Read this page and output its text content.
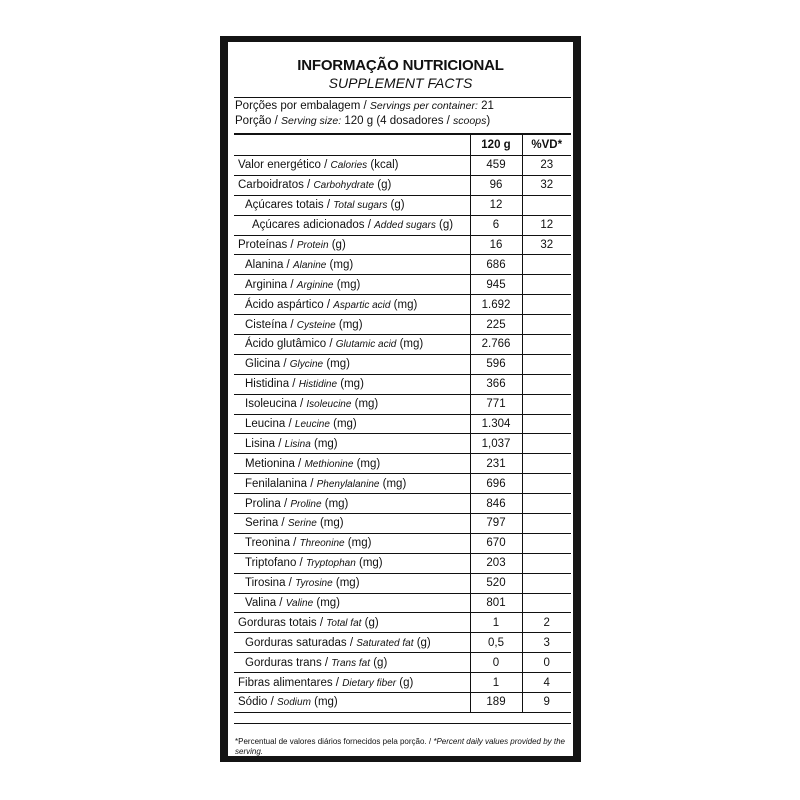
INFORMAÇÃO NUTRICIONAL
SUPPLEMENT FACTS
Porções por embalagem / Servings per container: 21
Porção / Serving size: 120 g (4 dosadores / scoops)
	120 g	%VD*
Valor energético / Calories (kcal)	459	23
Carboidratos / Carbohydrate (g)	96	32
Açúcares totais / Total sugars (g)	12	
Açúcares adicionados / Added sugars (g)	6	12
Proteínas / Protein (g)	16	32
Alanina / Alanine (mg)	686	
Arginina / Arginine (mg)	945	
Ácido aspártico / Aspartic acid (mg)	1.692	
Cisteína / Cysteine (mg)	225	
Ácido glutâmico / Glutamic acid (mg)	2.766	
Glicina / Glycine (mg)	596	
Histidina / Histidine (mg)	366	
Isoleucina / Isoleucine (mg)	771	
Leucina / Leucine (mg)	1.304	
Lisina / Lisina (mg)	1,037	
Metionina / Methionine (mg)	231	
Fenilalanina / Phenylalanine (mg)	696	
Prolina / Proline (mg)	846	
Serina / Serine (mg)	797	
Treonina / Threonine (mg)	670	
Triptofano / Tryptophan (mg)	203	
Tirosina / Tyrosine (mg)	520	
Valina / Valine (mg)	801	
Gorduras totais / Total fat (g)	1	2
Gorduras saturadas / Saturated fat (g)	0,5	3
Gorduras trans / Trans fat (g)	0	0
Fibras alimentares / Dietary fiber (g)	1	4
Sódio / Sodium (mg)	189	9
*Percentual de valores diários fornecidos pela porção. / *Percent daily values provided by the serving.
